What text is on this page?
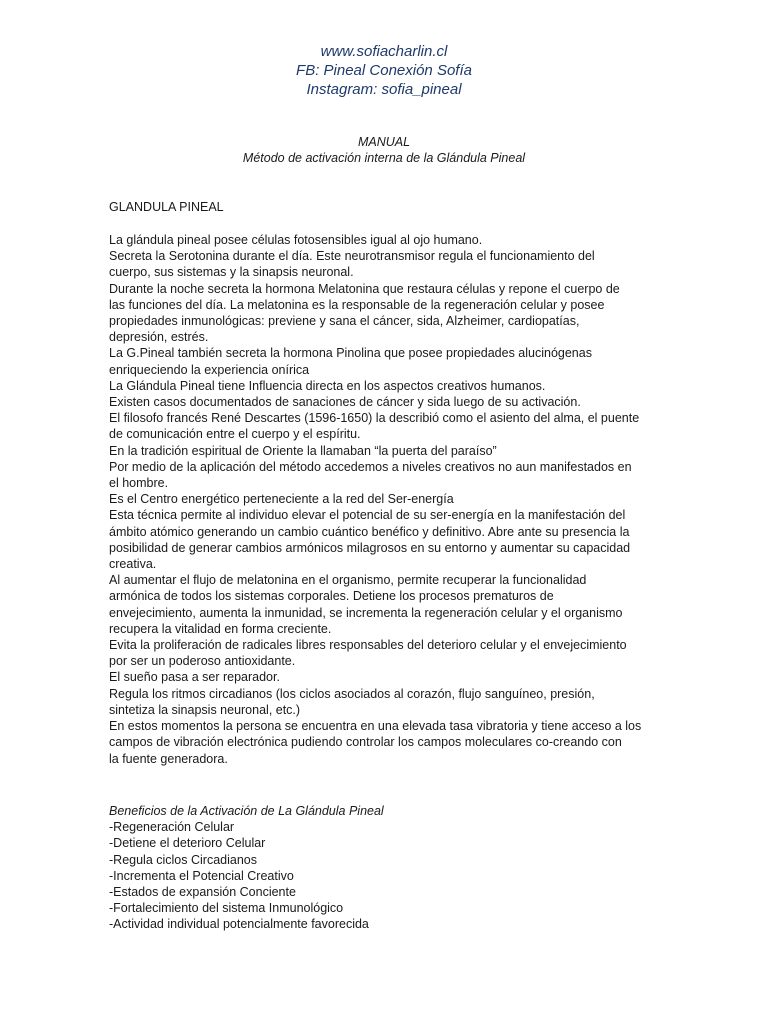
www.sofiacharlin.cl
FB: Pineal Conexión Sofía
Instagram: sofia_pineal
MANUAL
Método de activación interna de la Glándula Pineal
GLANDULA PINEAL
La glándula pineal posee células fotosensibles igual al ojo humano.
Secreta la Serotonina durante el día. Este neurotransmisor regula el funcionamiento del
cuerpo, sus sistemas y la sinapsis neuronal.
Durante la noche secreta la hormona Melatonina que restaura células y repone el cuerpo de
las funciones del día. La melatonina es la responsable de la regeneración celular y posee
propiedades inmunológicas: previene y sana el cáncer, sida, Alzheimer, cardiopatías,
depresión, estrés.
La G.Pineal también secreta la hormona Pinolina que posee propiedades alucinógenas
enriqueciendo la experiencia onírica
La Glándula Pineal tiene Influencia directa en los aspectos creativos humanos.
Existen casos documentados de sanaciones de cáncer y sida luego de su activación.
El filosofo francés René Descartes (1596-1650) la describió como el asiento del alma, el puente
de comunicación entre el cuerpo y el espíritu.
En la tradición espiritual de Oriente la llamaban “la puerta del paraíso”
Por medio de la aplicación del método accedemos a niveles creativos no aun manifestados en
el hombre.
Es el Centro energético perteneciente a la red del Ser-energía
Esta técnica permite al individuo elevar el potencial de su ser-energía en la manifestación del
ámbito atómico generando un cambio cuántico benéfico y definitivo. Abre ante su presencia la
posibilidad de generar cambios armónicos milagrosos en su entorno y aumentar su capacidad
creativa.
Al aumentar el flujo de melatonina en el organismo, permite recuperar la funcionalidad
armónica de todos los sistemas corporales. Detiene los procesos prematuros de
envejecimiento, aumenta la inmunidad, se incrementa la regeneración celular y el organismo
recupera la vitalidad en forma creciente.
Evita la proliferación de radicales libres responsables del deterioro celular y el envejecimiento
por ser un poderoso antioxidante.
El sueño pasa a ser reparador.
Regula los ritmos circadianos (los ciclos asociados al corazón, flujo sanguíneo, presión,
sintetiza la sinapsis neuronal, etc.)
En estos momentos la persona se encuentra en una elevada tasa vibratoria y tiene acceso a los
campos de vibración electrónica pudiendo controlar los campos moleculares co-creando con
la fuente generadora.
Beneficios de la Activación de La Glándula Pineal
-Regeneración Celular
-Detiene el deterioro Celular
-Regula ciclos Circadianos
-Incrementa el Potencial Creativo
-Estados de expansión Conciente
-Fortalecimiento del sistema Inmunológico
-Actividad individual potencialmente favorecida
